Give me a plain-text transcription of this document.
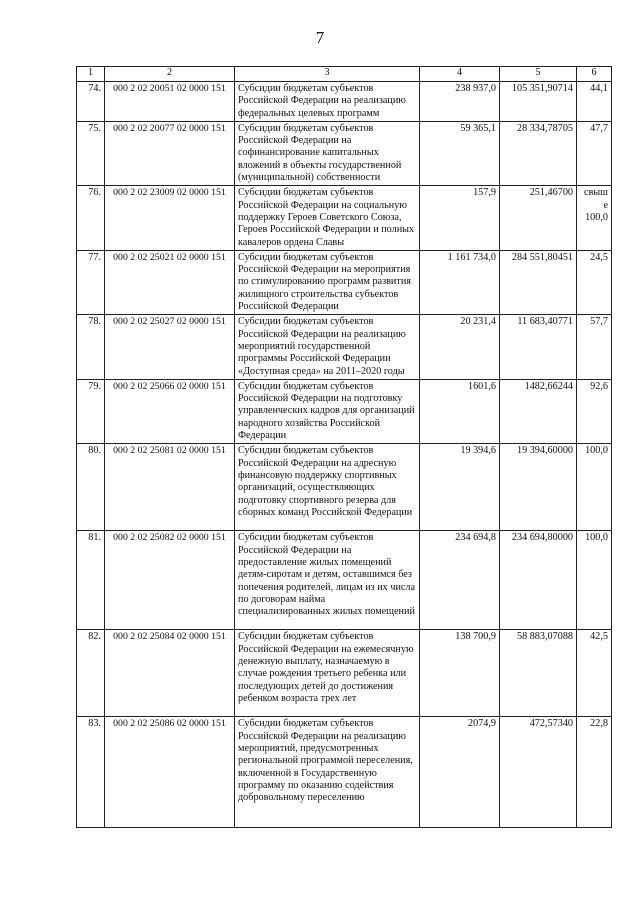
7
1	2	3	4	5	6
74.	000 2 02 20051 02 0000 151	Субсидии бюджетам субъектов Российской Федерации на реализацию федеральных целевых программ	238 937,0	105 351,90714	44,1
75.	000 2 02 20077 02 0000 151	Субсидии бюджетам субъектов Российской Федерации на софинансирование капитальных вложений в объекты государственной (муниципальной) собственности	59 365,1	28 334,78705	47,7
76.	000 2 02 23009 02 0000 151	Субсидии бюджетам субъектов Российской Федерации на социальную поддержку Героев Советского Союза, Героев Российской Федерации и полных кавалеров ордена Славы	157,9	251,46700	свыше 100,0
77.	000 2 02 25021 02 0000 151	Субсидии бюджетам субъектов Российской Федерации на мероприятия по стимулированию программ развития жилищного строительства субъектов Российской Федерации	1 161 734,0	284 551,80451	24,5
78.	000 2 02 25027 02 0000 151	Субсидии бюджетам субъектов Российской Федерации на реализацию мероприятий государственной программы Российской Федерации «Доступная среда» на 2011–2020 годы	20 231,4	11 683,40771	57,7
79.	000 2 02 25066 02 0000 151	Субсидии бюджетам субъектов Российской Федерации на подготовку управленческих кадров для организаций народного хозяйства Российской Федерации	1601,6	1482,66244	92,6
80.	000 2 02 25081 02 0000 151	Субсидии бюджетам субъектов Российской Федерации на адресную финансовую поддержку спортивных организаций, осуществляющих подготовку спортивного резерва для сборных команд Российской Федерации	19 394,6	19 394,60000	100,0
81.	000 2 02 25082 02 0000 151	Субсидии бюджетам субъектов Российской Федерации на предоставление жилых помещений детям-сиротам и детям, оставшимся без попечения родителей, лицам из их числа по договорам найма специализированных жилых помещений	234 694,8	234 694,80000	100,0
82.	000 2 02 25084 02 0000 151	Субсидии бюджетам субъектов Российской Федерации на ежемесячную денежную выплату, назначаемую в случае рождения третьего ребенка или последующих детей до достижения ребенком возраста трех лет	138 700,9	58 883,07088	42,5
83.	000 2 02 25086 02 0000 151	Субсидии бюджетам субъектов Российской Федерации на реализацию мероприятий, предусмотренных региональной программой переселения, включенной в Государственную программу по оказанию содействия добровольному переселению	2074,9	472,57340	22,8
